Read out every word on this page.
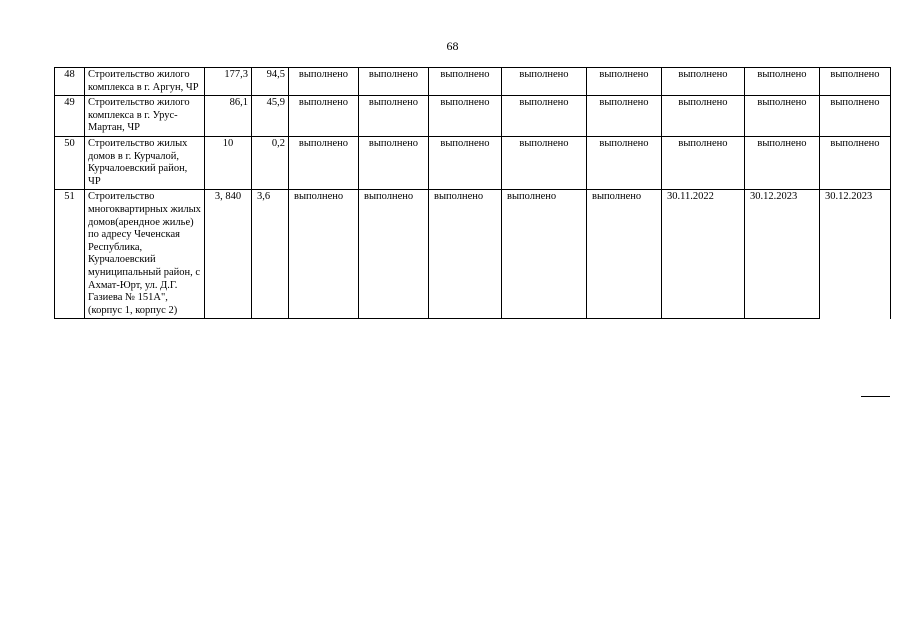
68
48	Строительство жилого комплекса в г. Аргун, ЧР	177,3	94,5	выполнено	выполнено	выполнено	выполнено	выполнено	выполнено	выполнено	выполнено
49	Строительство жилого комплекса в г. Урус-Мартан, ЧР	86,1	45,9	выполнено	выполнено	выполнено	выполнено	выполнено	выполнено	выполнено	выполнено
50	Строительство жилых домов в г. Курчалой, Курчалоевский район, ЧР	10	0,2	выполнено	выполнено	выполнено	выполнено	выполнено	выполнено	выполнено	выполнено
51	Строительство многоквартирных жилых домов(арендное жилье) по адресу Чеченская Республика, Курчалоевский муниципальный район, с Ахмат-Юрт, ул. Д.Г. Газиева № 151А", (корпус 1, корпус 2)	3, 840	3,6	выполнено	выполнено	выполнено	выполнено	выполнено	30.11.2022	30.12.2023	30.12.2023
